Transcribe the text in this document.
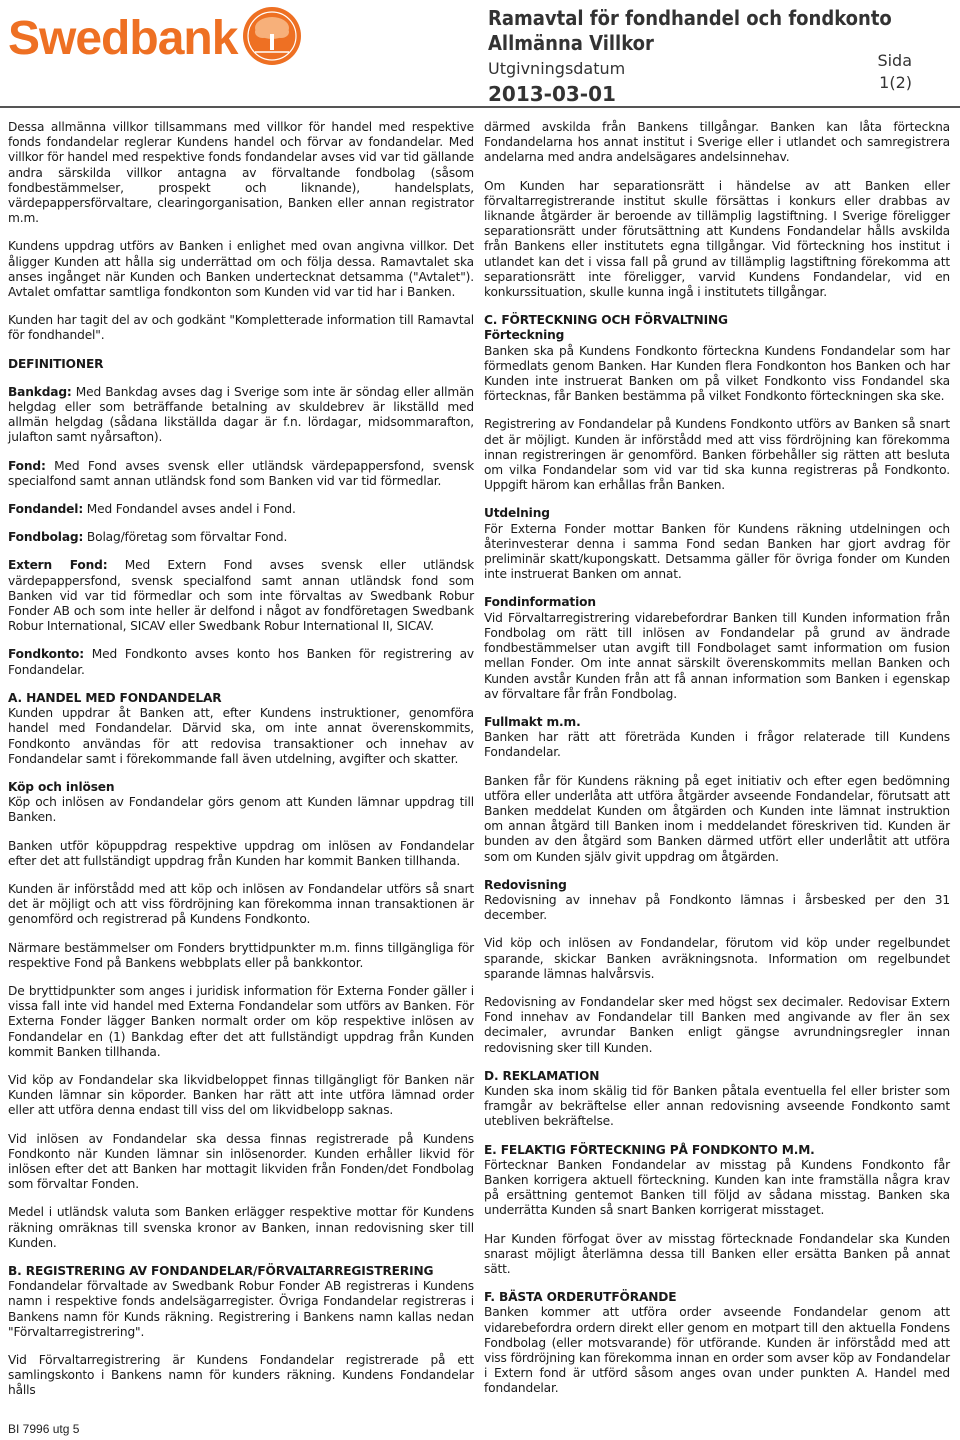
Swedbank	Ramavtal för fondhandel och fondkonto
Allmänna Villkor
Utgivningsdatum
2013-03-01
Sida
1(2)

Dessa allmänna villkor tillsammans med villkor för handel med respektive fonds fondandelar reglerar Kundens handel och förvar av fondandelar. Med villkor för handel med respektive fonds fondandelar avses vid var tid gällande andra särskilda villkor antagna av förvaltande fondbolag (såsom fondbestämmelser, prospekt och liknande), handelsplats, värdepappersförvaltare, clearingorganisation, Banken eller annan registrator m.m.

Kundens uppdrag utförs av Banken i enlighet med ovan angivna villkor. Det åligger Kunden att hålla sig underrättad om och följa dessa. Ramavtalet ska anses ingånget när Kunden och Banken undertecknat detsamma ("Avtalet"). Avtalet omfattar samtliga fondkonton som Kunden vid var tid har i Banken.

Kunden har tagit del av och godkänt "Kompletterade information till Ramavtal för fondhandel".

DEFINITIONER

Bankdag: Med Bankdag avses dag i Sverige som inte är söndag eller allmän helgdag eller som beträffande betalning av skuldebrev är likställd med allmän helgdag (sådana likställda dagar är f.n. lördagar, midsommarafton, julafton samt nyårsafton).

Fond: Med Fond avses svensk eller utländsk värdepappersfond, svensk specialfond samt annan utländsk fond som Banken vid var tid förmedlar.

Fondandel: Med Fondandel avses andel i Fond.

Fondbolag: Bolag/företag som förvaltar Fond.

Extern Fond: Med Extern Fond avses svensk eller utländsk värdepappersfond, svensk specialfond samt annan utländsk fond som Banken vid var tid förmedlar och som inte förvaltas av Swedbank Robur Fonder AB och som inte heller är delfond i något av fondföretagen Swedbank Robur International, SICAV eller Swedbank Robur International II, SICAV.

Fondkonto: Med Fondkonto avses konto hos Banken för registrering av Fondandelar.

A. HANDEL MED FONDANDELAR

Kunden uppdrar åt Banken att, efter Kundens instruktioner, genomföra handel med Fondandelar. Därvid ska, om inte annat överenskommits, Fondkonto användas för att redovisa transaktioner och innehav av Fondandelar samt i förekommande fall även utdelning, avgifter och skatter.

Köp och inlösen

Köp och inlösen av Fondandelar görs genom att Kunden lämnar uppdrag till Banken.

Banken utför köpuppdrag respektive uppdrag om inlösen av Fondandelar efter det att fullständigt uppdrag från Kunden har kommit Banken tillhanda.

Kunden är införstådd med att köp och inlösen av Fondandelar utförs så snart det är möjligt och att viss fördröjning kan förekomma innan transaktionen är genomförd och registrerad på Kundens Fondkonto.

Närmare bestämmelser om Fonders bryttidpunkter m.m. finns tillgängliga för respektive Fond på Bankens webbplats eller på bankkontor.

De bryttidpunkter som anges i juridisk information för Externa Fonder gäller i vissa fall inte vid handel med Externa Fondandelar som utförs av Banken. För Externa Fonder lägger Banken normalt order om köp respektive inlösen av Fondandelar en (1) Bankdag efter det att fullständigt uppdrag från Kunden kommit Banken tillhanda.

Vid köp av Fondandelar ska likvidbeloppet finnas tillgängligt för Banken när Kunden lämnar sin köporder. Banken har rätt att inte utföra lämnad order eller att utföra denna endast till viss del om likvidbelopp saknas.

Vid inlösen av Fondandelar ska dessa finnas registrerade på Kundens Fondkonto när Kunden lämnar sin inlösenorder. Kunden erhåller likvid för inlösen efter det att Banken har mottagit likviden från Fonden/det Fondbolag som förvaltar Fonden.

Medel i utländsk valuta som Banken erlägger respektive mottar för Kundens räkning omräknas till svenska kronor av Banken, innan redovisning sker till Kunden.

B. REGISTRERING AV FONDANDELAR/FÖRVALTARREGISTRERING

Fondandelar förvaltade av Swedbank Robur Fonder AB registreras i Kundens namn i respektive fonds andelsägarregister. Övriga Fondandelar registreras i Bankens namn för Kunds räkning. Registrering i Bankens namn kallas nedan "Förvaltarregistrering".

Vid Förvaltarregistrering är Kundens Fondandelar registrerade på ett samlingskonto i Bankens namn för kunders räkning. Kundens Fondandelar hålls

därmed avskilda från Bankens tillgångar. Banken kan låta förteckna Fondandelarna hos annat institut i Sverige eller i utlandet och samregistrera andelarna med andra andelsägares andelsinnehav.

Om Kunden har separationsrätt i händelse av att Banken eller förvaltarregistrerande institut skulle försättas i konkurs eller drabbas av liknande åtgärder är beroende av tillämplig lagstiftning. I Sverige föreligger separationsrätt under förutsättning att Kundens Fondandelar hålls avskilda från Bankens eller institutets egna tillgångar. Vid förteckning hos institut i utlandet kan det i vissa fall på grund av tillämplig lagstiftning förekomma att separationsrätt inte föreligger, varvid Kundens Fondandelar, vid en konkurssituation, skulle kunna ingå i institutets tillgångar.

C. FÖRTECKNING OCH FÖRVALTNING
Förteckning

Banken ska på Kundens Fondkonto förteckna Kundens Fondandelar som har förmedlats genom Banken. Har Kunden flera Fondkonton hos Banken och har Kunden inte instruerat Banken om på vilket Fondkonto viss Fondandel ska förtecknas, får Banken bestämma på vilket Fondkonto förteckningen ska ske.

Registrering av Fondandelar på Kundens Fondkonto utförs av Banken så snart det är möjligt. Kunden är införstådd med att viss fördröjning kan förekomma innan registreringen är genomförd. Banken förbehåller sig rätten att besluta om vilka Fondandelar som vid var tid ska kunna registreras på Fondkonto. Uppgift härom kan erhållas från Banken.

Utdelning

För Externa Fonder mottar Banken för Kundens räkning utdelningen och återinvesterar denna i samma Fond sedan Banken har gjort avdrag för preliminär skatt/kupongskatt. Detsamma gäller för övriga fonder om Kunden inte instruerat Banken om annat.

Fondinformation

Vid Förvaltarregistrering vidarebefordrar Banken till Kunden information från Fondbolag om rätt till inlösen av Fondandelar på grund av ändrade fondbestämmelser utan avgift till Fondbolaget samt information om fusion mellan Fonder. Om inte annat särskilt överenskommits mellan Banken och Kunden avstår Kunden från att få annan information som Banken i egenskap av förvaltare får från Fondbolag.

Fullmakt m.m.

Banken har rätt att företräda Kunden i frågor relaterade till Kundens Fondandelar.

Banken får för Kundens räkning på eget initiativ och efter egen bedömning utföra eller underlåta att utföra åtgärder avseende Fondandelar, förutsatt att Banken meddelat Kunden om åtgärden och Kunden inte lämnat instruktion om annan åtgärd till Banken inom i meddelandet föreskriven tid. Kunden är bunden av den åtgärd som Banken därmed utfört eller underlåtit att utföra som om Kunden själv givit uppdrag om åtgärden.

Redovisning

Redovisning av innehav på Fondkonto lämnas i årsbesked per den 31 december.

Vid köp och inlösen av Fondandelar, förutom vid köp under regelbundet sparande, skickar Banken avräkningsnota. Information om regelbundet sparande lämnas halvårsvis.

Redovisning av Fondandelar sker med högst sex decimaler. Redovisar Extern Fond innehav av Fondandelar till Banken med angivande av fler än sex decimaler, avrundar Banken enligt gängse avrundningsregler innan redovisning sker till Kunden.

D. REKLAMATION

Kunden ska inom skälig tid för Banken påtala eventuella fel eller brister som framgår av bekräftelse eller annan redovisning avseende Fondkonto samt utebliven bekräftelse.

E. FELAKTIG FÖRTECKNING PÅ FONDKONTO M.M.

Förtecknar Banken Fondandelar av misstag på Kundens Fondkonto får Banken korrigera aktuell förteckning. Kunden kan inte framställa några krav på ersättning gentemot Banken till följd av sådana misstag. Banken ska underrätta Kunden så snart Banken korrigerat misstaget.

Har Kunden förfogat över av misstag förtecknade Fondandelar ska Kunden snarast möjligt återlämna dessa till Banken eller ersätta Banken på annat sätt.

F. BÄSTA ORDERUTFÖRANDE

Banken kommer att utföra order avseende Fondandelar genom att vidarebefordra ordern direkt eller genom en motpart till den aktuella Fondens Fondbolag (eller motsvarande) för utförande. Kunden är införstådd med att viss fördröjning kan förekomma innan en order som avser köp av Fondandelar i Extern fond är utförd såsom anges ovan under punkten A. Handel med fondandelar.

BI 7996 utg 5
